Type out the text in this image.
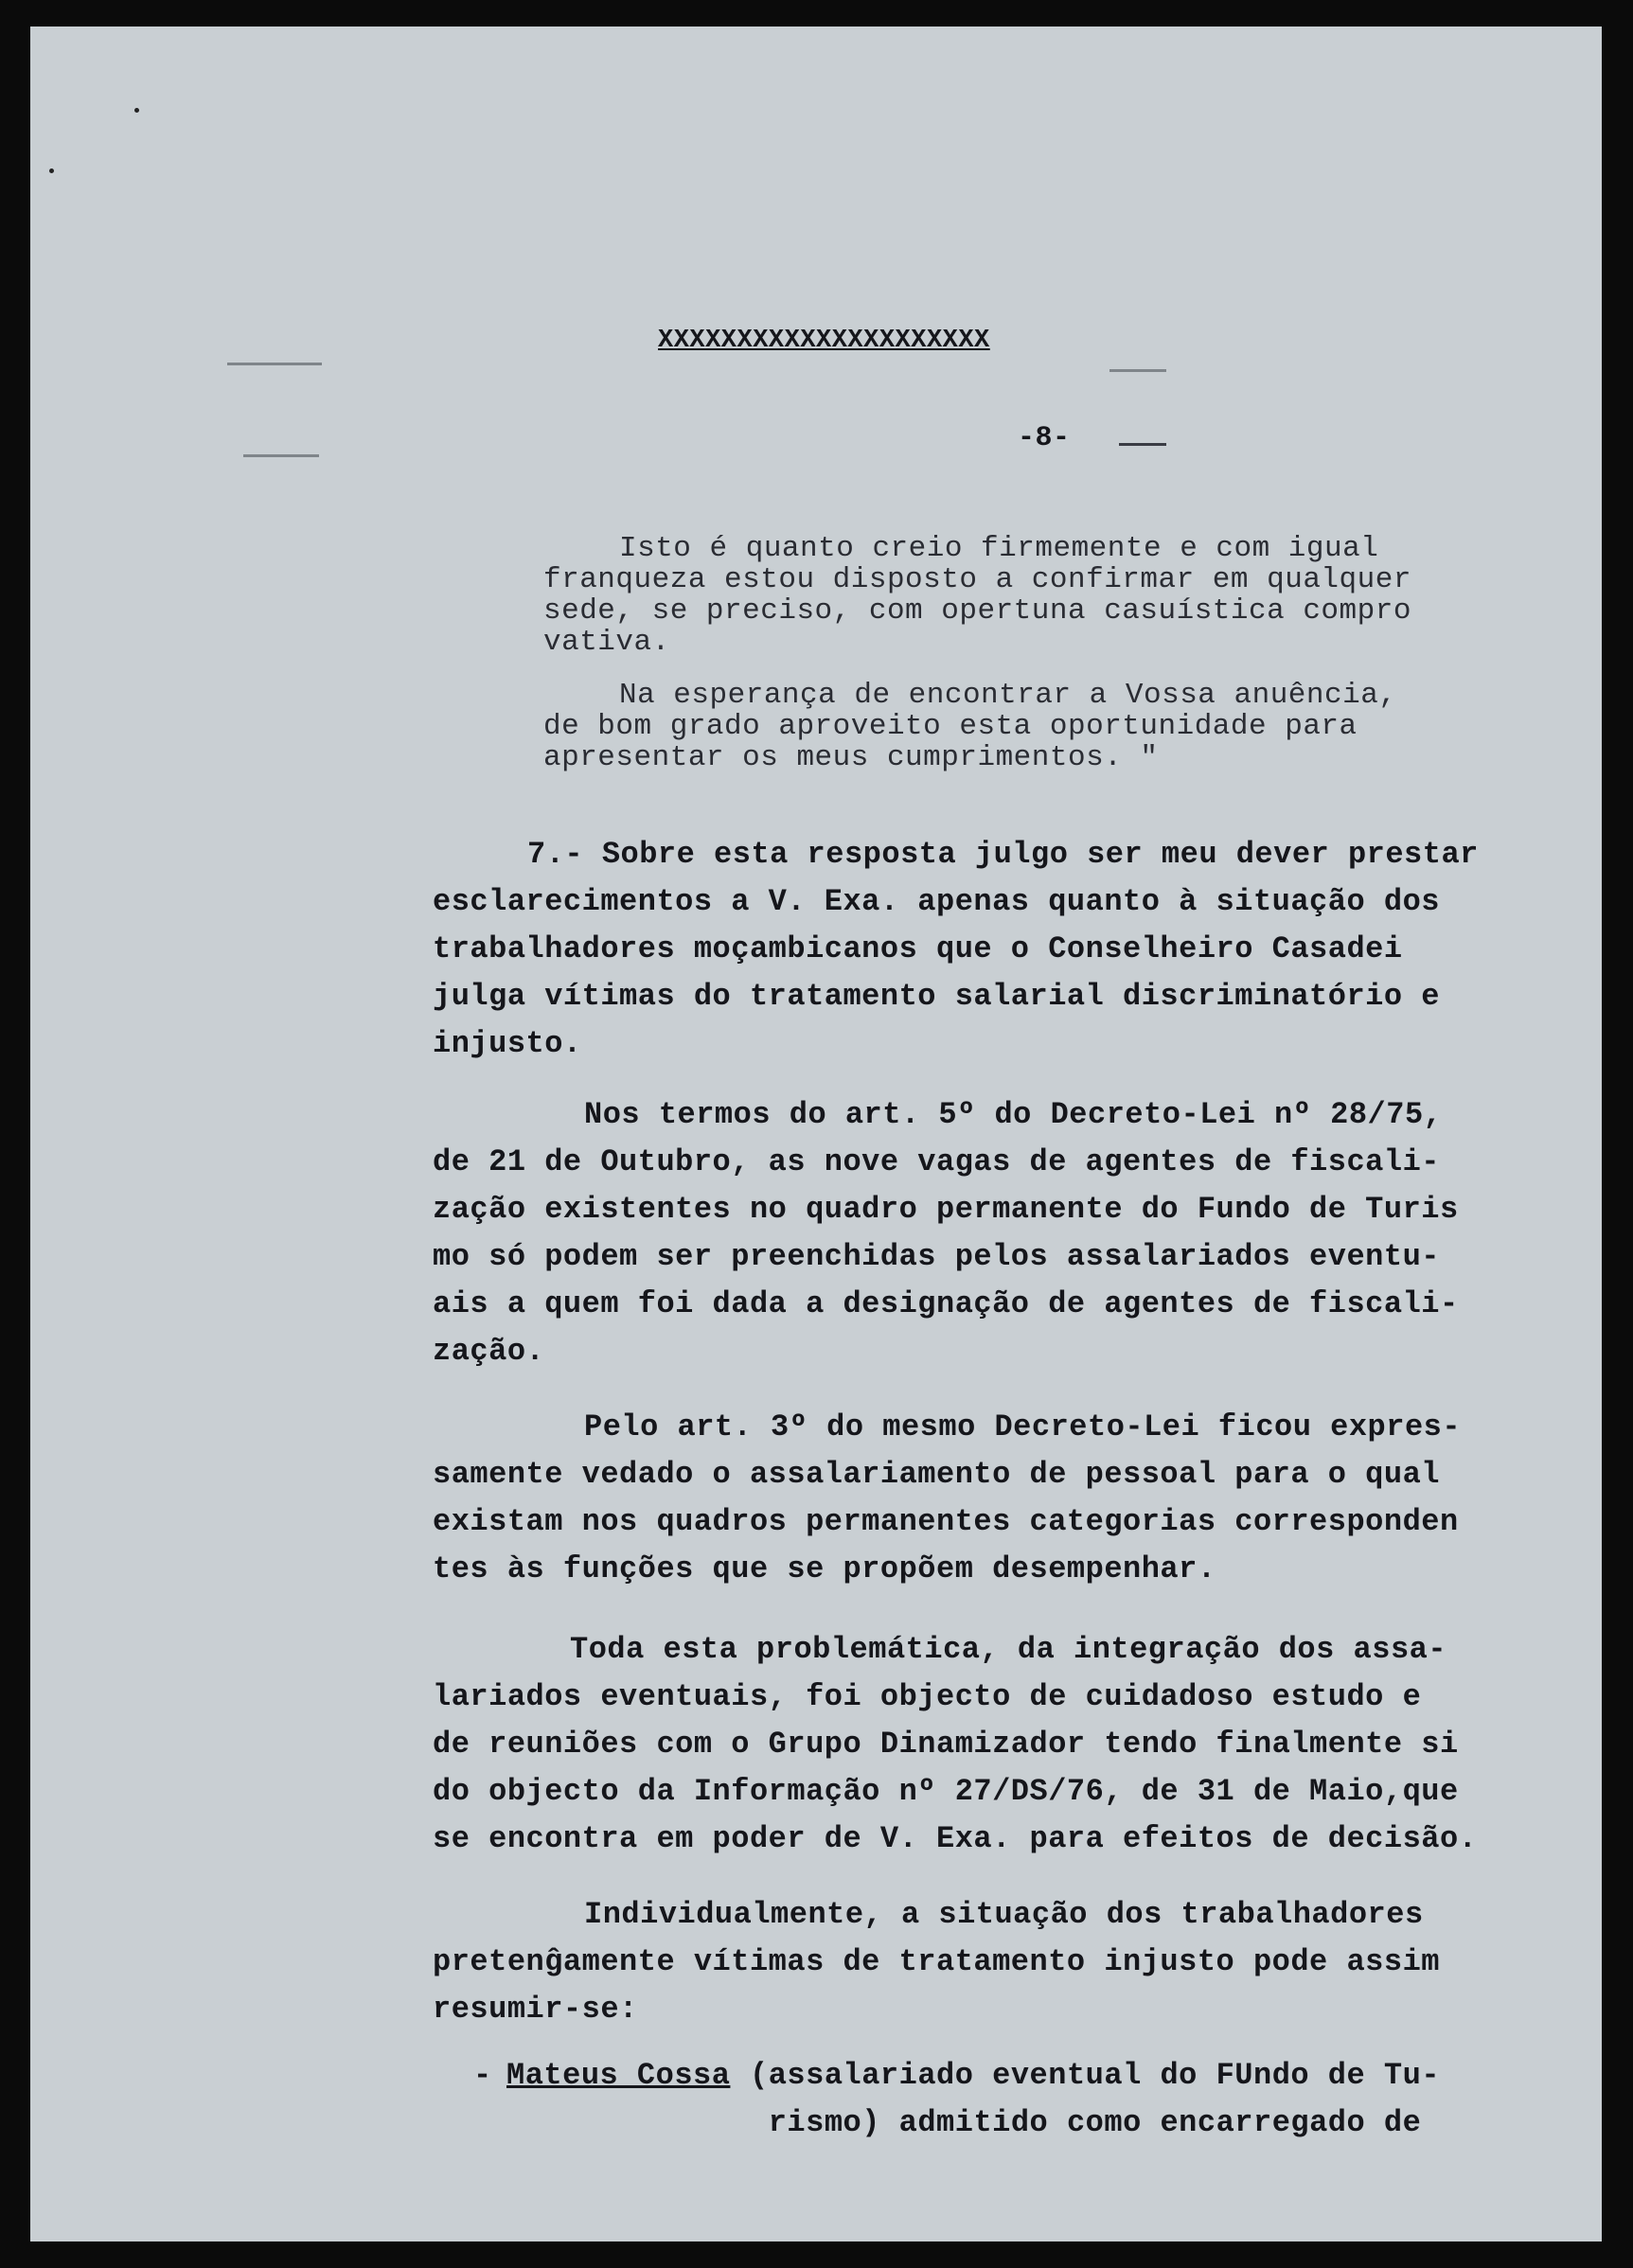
XXXXXXXXXXXXXXXXXXXXX
-8-
Isto é quanto creio firmemente e com igual
franqueza estou disposto a confirmar em qualquer
sede, se preciso, com opertuna casuística compro
vativa.
Na esperança de encontrar a Vossa anuência,
de bom grado aproveito esta oportunidade para
apresentar os meus cumprimentos. "
7.- Sobre esta resposta julgo ser meu dever prestar
esclarecimentos a V. Exa. apenas quanto à situação dos
trabalhadores moçambicanos que o Conselheiro Casadei
julga vítimas do tratamento salarial discriminatório e
injusto.
Nos termos do art. 5º do Decreto-Lei nº 28/75,
de 21 de Outubro, as nove vagas de agentes de fiscali-
zação existentes no quadro permanente do Fundo de Turis
mo só podem ser preenchidas pelos assalariados eventu-
ais a quem foi dada a designação de agentes de fiscali-
zação.
Pelo art. 3º do mesmo Decreto-Lei ficou expres-
samente vedado o assalariamento de pessoal para o qual
existam nos quadros permanentes categorias corresponden
tes às funções que se propõem desempenhar.
Toda esta problemática, da integração dos assa-
lariados eventuais, foi objecto de cuidadoso estudo e
de reuniões com o Grupo Dinamizador tendo finalmente si
do objecto da Informação nº 27/DS/76, de 31 de Maio,que
se encontra em poder de V. Exa. para efeitos de decisão.
Individualmente, a situação dos trabalhadores
pretenĝamente vítimas de tratamento injusto pode assim
resumir-se:
- Mateus Cossa (assalariado eventual do FUndo de Tu-
rismo) admitido como encarregado de
